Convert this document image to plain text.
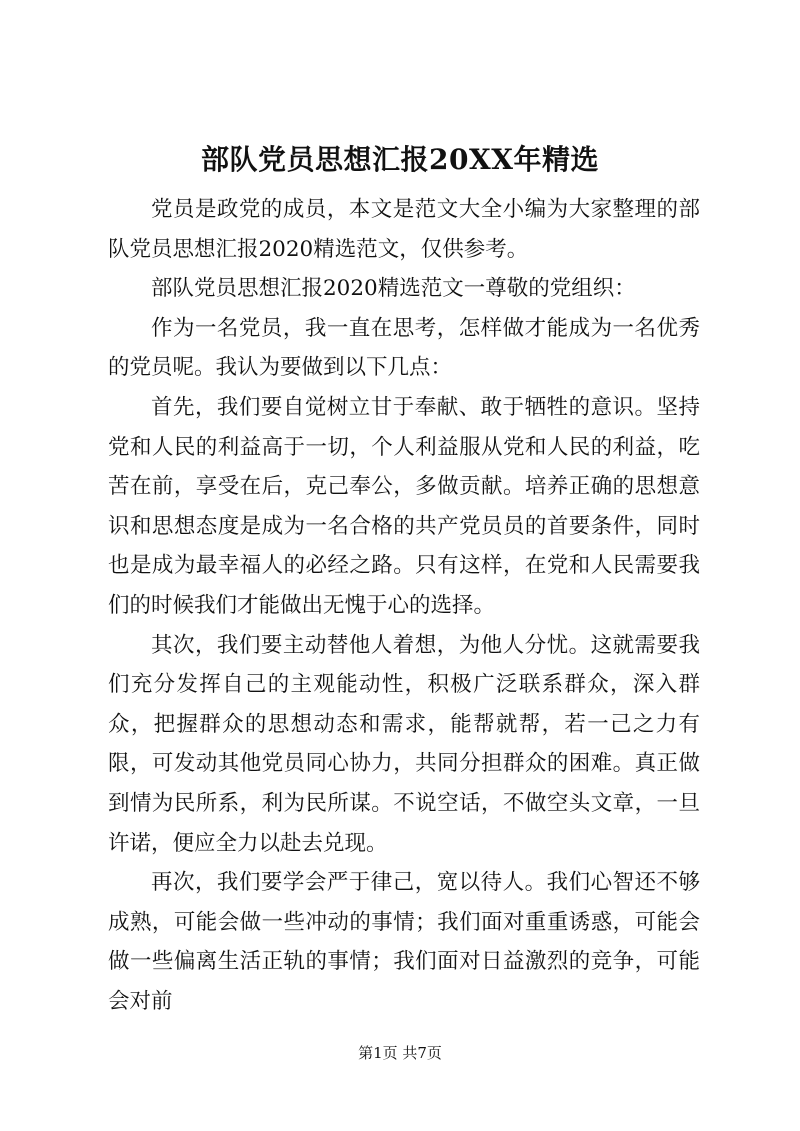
部队党员思想汇报20XX年精选

党员是政党的成员，本文是范文大全小编为大家整理的部队党员思想汇报2020精选范文，仅供参考。

部队党员思想汇报2020精选范文一尊敬的党组织：

作为一名党员，我一直在思考，怎样做才能成为一名优秀的党员呢。我认为要做到以下几点：

首先，我们要自觉树立甘于奉献、敢于牺牲的意识。坚持党和人民的利益高于一切，个人利益服从党和人民的利益，吃苦在前，享受在后，克己奉公，多做贡献。培养正确的思想意识和思想态度是成为一名合格的共产党员员的首要条件，同时也是成为最幸福人的必经之路。只有这样，在党和人民需要我们的时候我们才能做出无愧于心的选择。

其次，我们要主动替他人着想，为他人分忧。这就需要我们充分发挥自己的主观能动性，积极广泛联系群众，深入群众，把握群众的思想动态和需求，能帮就帮，若一己之力有限，可发动其他党员同心协力，共同分担群众的困难。真正做到情为民所系，利为民所谋。不说空话，不做空头文章，一旦许诺，便应全力以赴去兑现。

再次，我们要学会严于律己，宽以待人。我们心智还不够成熟，可能会做一些冲动的事情；我们面对重重诱惑，可能会做一些偏离生活正轨的事情；我们面对日益激烈的竞争，可能会对前

第1页 共7页
